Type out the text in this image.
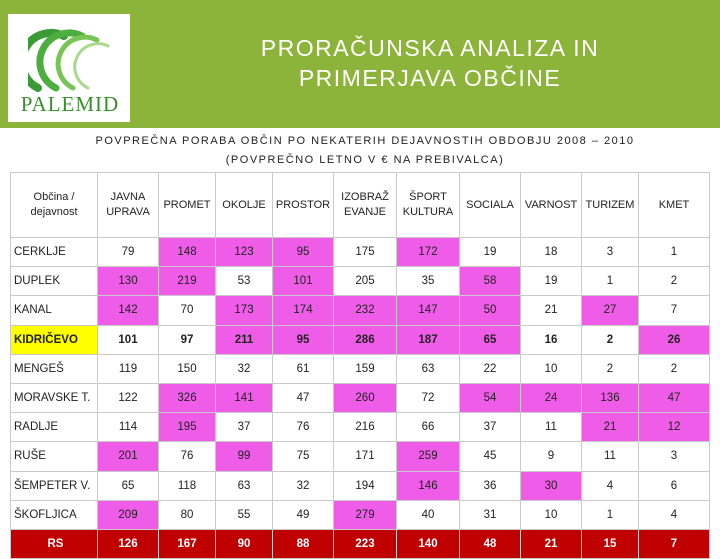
PALEMID
PRORAČUNSKA ANALIZA IN
PRIMERJAVA OBČINE
POVPREČNA PORABA OBČIN PO NEKATERIH DEJAVNOSTIH OBDOBJU 2008 – 2010
(POVPREČNO LETNO V € NA PREBIVALCA)
Občina / dejavnost	JAVNA UPRAVA	PROMET	OKOLJE	PROSTOR	IZOBRAŽ EVANJE	ŠPORT KULTURA	SOCIALA	VARNOST	TURIZEM	KMET
CERKLJE	79	148	123	95	175	172	19	18	3	1
DUPLEK	130	219	53	101	205	35	58	19	1	2
KANAL	142	70	173	174	232	147	50	21	27	7
KIDRIČEVO	101	97	211	95	286	187	65	16	2	26
MENGEŠ	119	150	32	61	159	63	22	10	2	2
MORAVSKE T.	122	326	141	47	260	72	54	24	136	47
RADLJE	114	195	37	76	216	66	37	11	21	12
RUŠE	201	76	99	75	171	259	45	9	11	3
ŠEMPETER V.	65	118	63	32	194	146	36	30	4	6
ŠKOFLJICA	209	80	55	49	279	40	31	10	1	4
RS	126	167	90	88	223	140	48	21	15	7
